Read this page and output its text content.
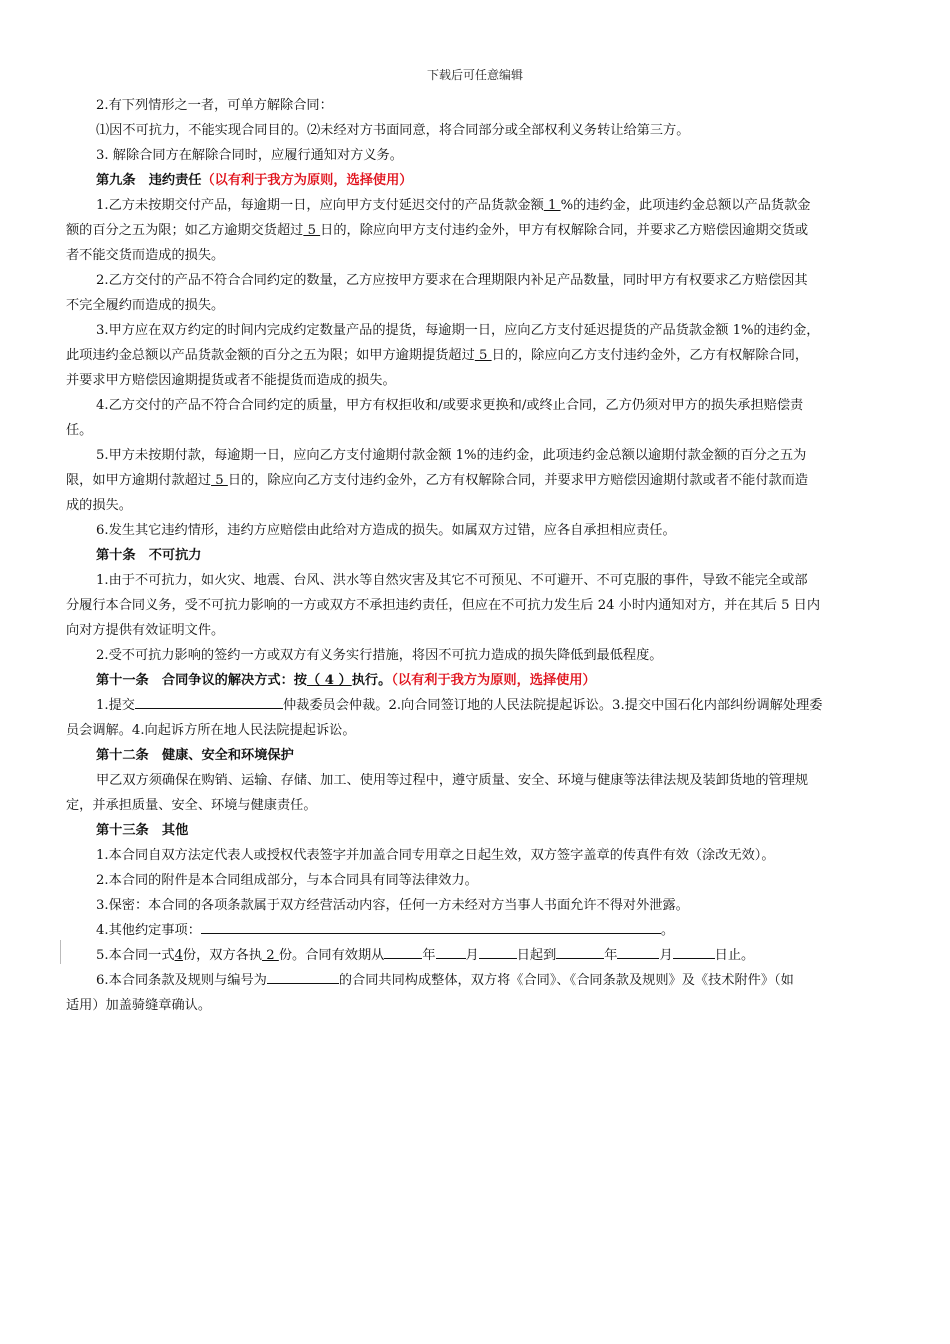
下载后可任意编辑

2.有下列情形之一者，可单方解除合同：

⑴因不可抗力，不能实现合同目的。⑵未经对方书面同意，将合同部分或全部权利义务转让给第三方。

3. 解除合同方在解除合同时，应履行通知对方义务。

第九条　违约责任（以有利于我方为原则，选择使用）

1.乙方未按期交付产品，每逾期一日，应向甲方支付延迟交付的产品货款金额 1 %的违约金，此项违约金总额以产品货款金

额的百分之五为限；如乙方逾期交货超过 5 日的，除应向甲方支付违约金外，甲方有权解除合同，并要求乙方赔偿因逾期交货或

者不能交货而造成的损失。

2.乙方交付的产品不符合合同约定的数量，乙方应按甲方要求在合理期限内补足产品数量，同时甲方有权要求乙方赔偿因其

不完全履约而造成的损失。

3.甲方应在双方约定的时间内完成约定数量产品的提货，每逾期一日，应向乙方支付延迟提货的产品货款金额 1%的违约金，

此项违约金总额以产品货款金额的百分之五为限；如甲方逾期提货超过 5 日的，除应向乙方支付违约金外，乙方有权解除合同，

并要求甲方赔偿因逾期提货或者不能提货而造成的损失。

4.乙方交付的产品不符合合同约定的质量，甲方有权拒收和/或要求更换和/或终止合同，乙方仍须对甲方的损失承担赔偿责

任。

5.甲方未按期付款，每逾期一日，应向乙方支付逾期付款金额 1%的违约金，此项违约金总额以逾期付款金额的百分之五为

限，如甲方逾期付款超过 5 日的，除应向乙方支付违约金外，乙方有权解除合同，并要求甲方赔偿因逾期付款或者不能付款而造

成的损失。

6.发生其它违约情形，违约方应赔偿由此给对方造成的损失。如属双方过错，应各自承担相应责任。

第十条　不可抗力

1.由于不可抗力，如火灾、地震、台风、洪水等自然灾害及其它不可预见、不可避开、不可克服的事件，导致不能完全或部

分履行本合同义务，受不可抗力影响的一方或双方不承担违约责任，但应在不可抗力发生后 24 小时内通知对方，并在其后 5 日内

向对方提供有效证明文件。

2.受不可抗力影响的签约一方或双方有义务实行措施，将因不可抗力造成的损失降低到最低程度。

第十一条　合同争议的解决方式：按（ 4 ）执行。（以有利于我方为原则，选择使用）

1.提交	仲裁委员会仲裁。2.向合同签订地的人民法院提起诉讼。3.提交中国石化内部纠纷调解处理委

员会调解。4.向起诉方所在地人民法院提起诉讼。

第十二条　健康、安全和环境保护

甲乙双方须确保在购销、运输、存储、加工、使用等过程中，遵守质量、安全、环境与健康等法律法规及装卸货地的管理规

定，并承担质量、安全、环境与健康责任。

第十三条　其他

1.本合同自双方法定代表人或授权代表签字并加盖合同专用章之日起生效，双方签字盖章的传真件有效（涂改无效）。

2.本合同的附件是本合同组成部分，与本合同具有同等法律效力。

3.保密：本合同的各项条款属于双方经营活动内容，任何一方未经对方当事人书面允许不得对外泄露。

4.其他约定事项：	。

5.本合同一式4份，双方各执 2 份。合同有效期从	年 月	日起到	年	月	日止。

6.本合同条款及规则与编号为	的合同共同构成整体，双方将《合同》、《合同条款及规则》及《技术附件》（如

适用）加盖骑缝章确认。
